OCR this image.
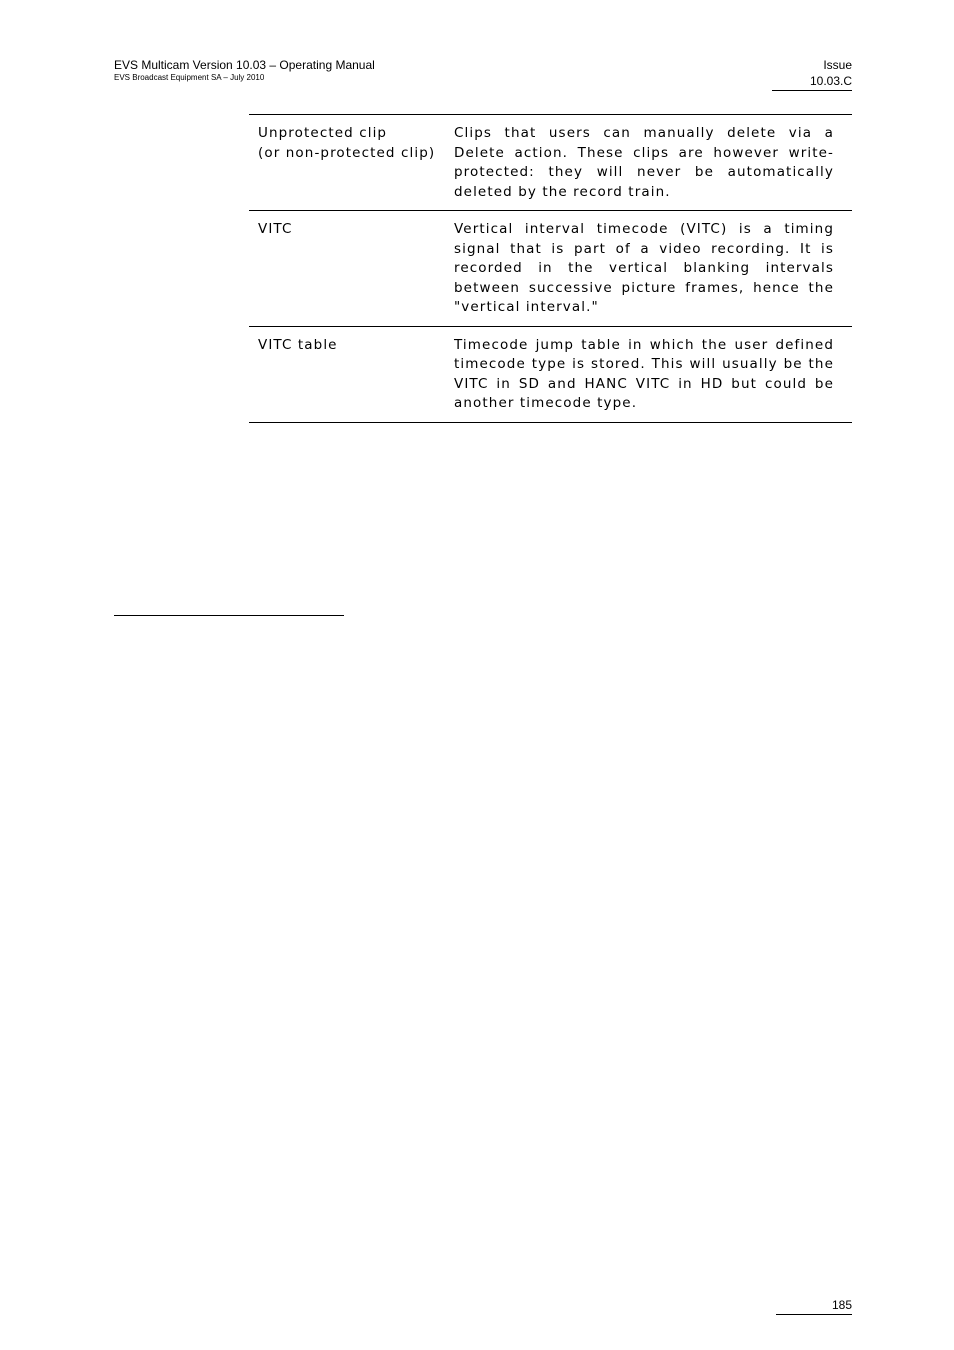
EVS Multicam Version 10.03 – Operating Manual
EVS Broadcast Equipment SA – July 2010
Issue
10.03.C
Unprotected clip
(or non-protected clip)
Clips that users can manually delete via a Delete action. These clips are however write-protected: they will never be automatically deleted by the record train.
VITC	Vertical interval timecode (VITC) is a timing signal that is part of a video recording. It is recorded in the vertical blanking intervals between successive picture frames, hence the "vertical interval."
VITC table	Timecode jump table in which the user defined timecode type is stored. This will usually be the VITC in SD and HANC VITC in HD but could be another timecode type.
185
